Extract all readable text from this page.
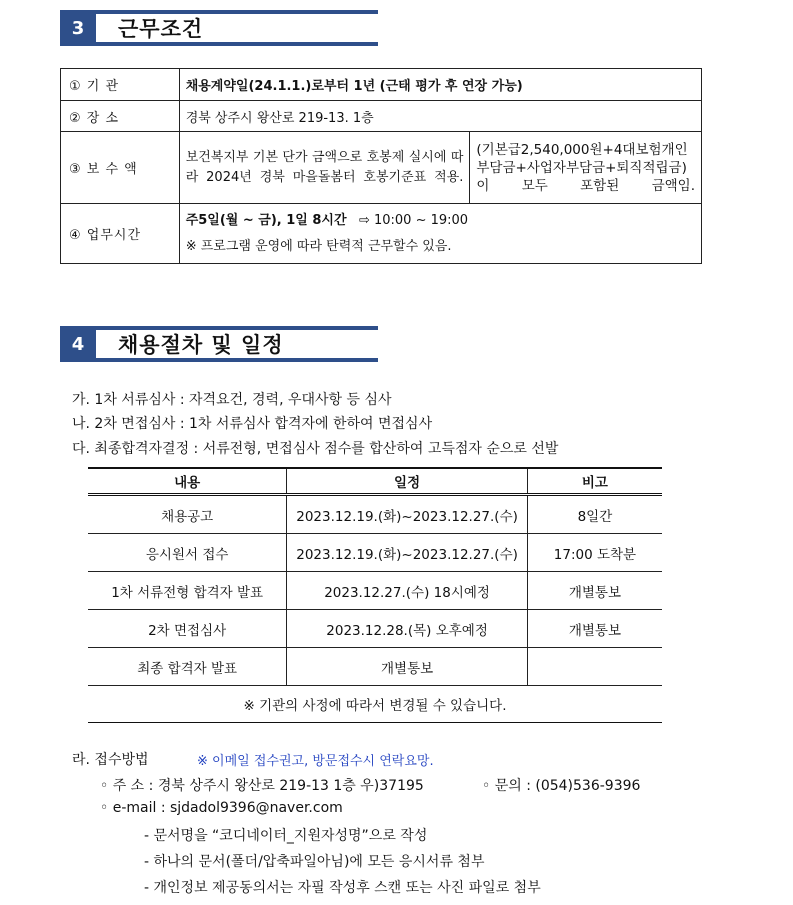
3	근무조건
① 기 관	채용계약일(24.1.1.)로부터 1년 (근태 평가 후 연장 가능)	
② 장 소	경북 상주시 왕산로 219-13. 1층	
③ 보 수 액	보건복지부 기본 단가 금액으로 호봉제 실시에 따라 2024년 경북 마을돌봄터 호봉기준표 적용.	(기본급2,540,000원+4대보험개인부담금+사업자부담금+퇴직적립금)이 모두 포함된 금액임.
④ 업무시간	주5일(월 ~ 금), 1일 8시간 ⇨ 10:00 ~ 19:00
※ 프로그램 운영에 따라 탄력적 근무할수 있음.	
4	채용절차 및 일정
가. 1차 서류심사 : 자격요건, 경력, 우대사항 등 심사
나. 2차 면접심사 : 1차 서류심사 합격자에 한하여 면접심사
다. 최종합격자결정 : 서류전형, 면접심사 점수를 합산하여 고득점자 순으로 선발
내용	일정	비고
채용공고	2023.12.19.(화)~2023.12.27.(수)	8일간
응시원서 접수	2023.12.19.(화)~2023.12.27.(수)	17:00 도착분
1차 서류전형 합격자 발표	2023.12.27.(수) 18시예정	개별통보
2차 면접심사	2023.12.28.(목) 오후예정	개별통보
최종 합격자 발표	개별통보	
※ 기관의 사정에 따라서 변경될 수 있습니다.		
라. 접수방법	※ 이메일 접수권고, 방문접수시 연락요망.
◦ 주 소 : 경북 상주시 왕산로 219-13 1층 우)37195	◦ 문의 : (054)536-9396
◦ e-mail : sjdadol9396@naver.com
- 문서명을 “코디네이터_지원자성명”으로 작성
- 하나의 문서(폴더/압축파일아님)에 모든 응시서류 첨부
- 개인정보 제공동의서는 자필 작성후 스캔 또는 사진 파일로 첨부
